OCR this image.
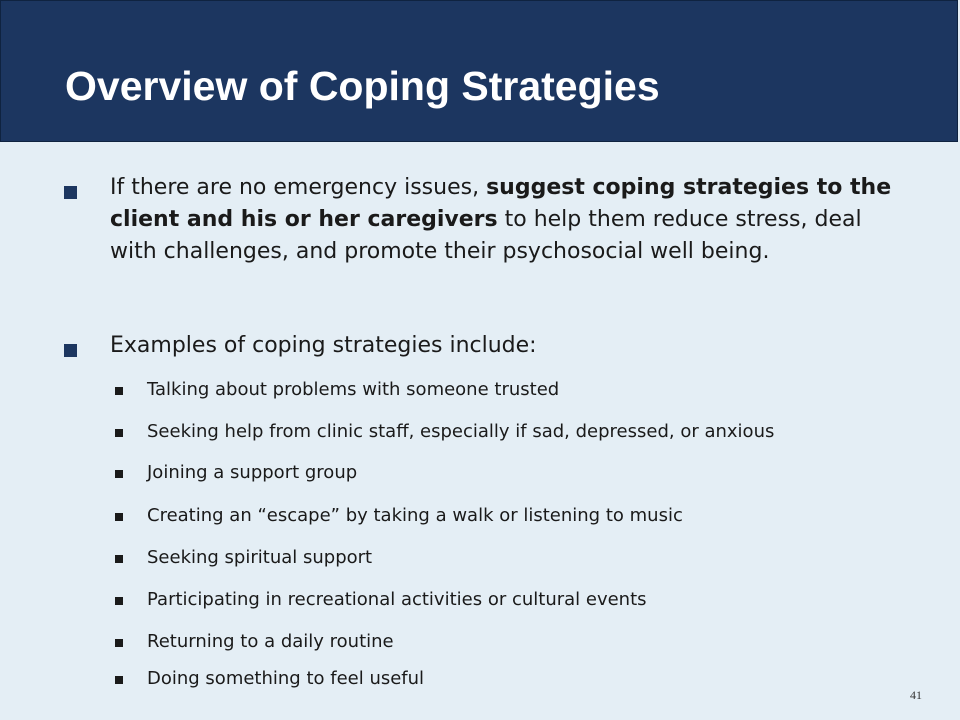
Overview of Coping Strategies
If there are no emergency issues, suggest coping strategies to the client and his or her caregivers to help them reduce stress, deal with challenges, and promote their psychosocial well being.
Examples of coping strategies include:
Talking about problems with someone trusted
Seeking help from clinic staff, especially if sad, depressed, or anxious
Joining a support group
Creating an “escape” by taking a walk or listening to music
Seeking spiritual support
Participating in recreational activities or cultural events
Returning to a daily routine
Doing something to feel useful
41
